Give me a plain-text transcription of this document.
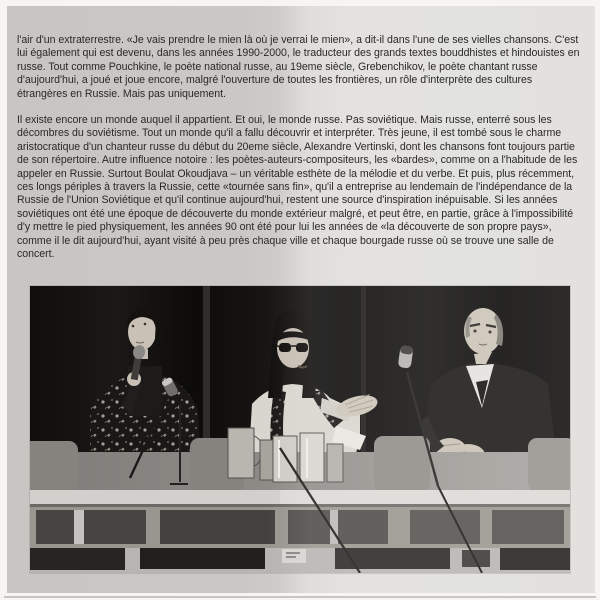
l'air d'un extraterrestre. «Je vais prendre le mien là où je verrai le mien», a dit-il dans l'une de ses vielles chansons. C'est lui également qui est devenu, dans les années 1990-2000, le traducteur des grands textes bouddhistes et hindouistes en russe. Tout comme Pouchkine, le poète national russe, au 19eme siècle, Grebenchikov, le poète chantant russe d'aujourd'hui, a joué et joue encore, malgré l'ouverture de toutes les frontières, un rôle d'interprète des cultures étrangères en Russie. Mais pas uniquement.

Il existe encore un monde auquel il appartient. Et oui, le monde russe. Pas soviétique. Mais russe, enterré sous les décombres du soviétisme. Tout un monde qu'il a fallu découvrir et interpréter. Très jeune, il est tombé sous le charme aristocratique d'un chanteur russe du début du 20eme siècle, Alexandre Vertinski, dont les chansons font toujours partie de son répertoire. Autre influence notoire : les poètes-auteurs-compositeurs, les «bardes», comme on a l'habitude de les appeler en Russie. Surtout Boulat Okoudjava – un véritable esthète de la mélodie et du verbe. Et puis, plus récemment, ces longs périples à travers la Russie, cette «tournée sans fin», qu'il a entreprise au lendemain de l'indépendance de la Russie de l'Union Soviétique et qu'il continue aujourd'hui, restent une source d'inspiration inépuisable. Si les années soviétiques ont été une époque de découverte du monde extérieur malgré, et peut être, en partie, grâce à l'impossibilité d'y mettre le pied physiquement, les années 90 ont été pour lui les années de «la découverte de son propre pays», comme il le dit aujourd'hui, ayant visité à peu près chaque ville et chaque bourgade russe où se trouve une salle de concert.
